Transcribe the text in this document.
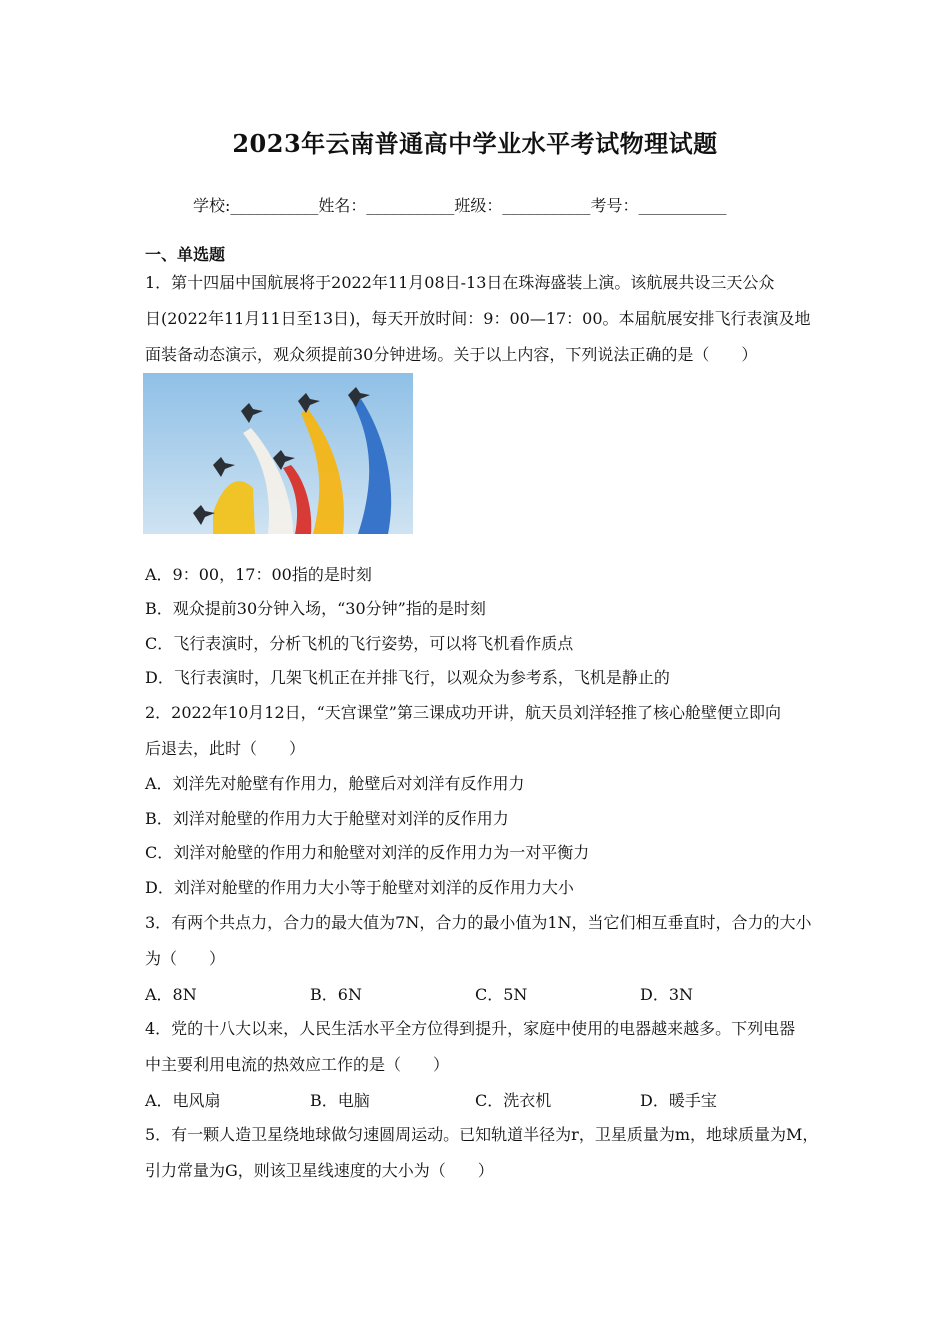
2023年云南普通高中学业水平考试物理试题
学校:___________姓名：___________班级：___________考号：___________
一、单选题
1．第十四届中国航展将于2022年11月08日-13日在珠海盛装上演。该航展共设三天公众
日(2022年11月11日至13日)，每天开放时间：9：00—17：00。本届航展安排飞行表演及地
面装备动态演示，观众须提前30分钟进场。关于以上内容，下列说法正确的是（　　）
A．9：00，17：00指的是时刻
B．观众提前30分钟入场，“30分钟”指的是时刻
C．飞行表演时，分析飞机的飞行姿势，可以将飞机看作质点
D．飞行表演时，几架飞机正在并排飞行，以观众为参考系，飞机是静止的
2．2022年10月12日，“天宫课堂”第三课成功开讲，航天员刘洋轻推了核心舱壁便立即向
后退去，此时（　　）
A．刘洋先对舱壁有作用力，舱壁后对刘洋有反作用力
B．刘洋对舱壁的作用力大于舱壁对刘洋的反作用力
C．刘洋对舱壁的作用力和舱壁对刘洋的反作用力为一对平衡力
D．刘洋对舱壁的作用力大小等于舱壁对刘洋的反作用力大小
3．有两个共点力，合力的最大值为7N，合力的最小值为1N，当它们相互垂直时，合力的大小
为（　　）
A．8N	B．6N	C．5N	D．3N
4．党的十八大以来，人民生活水平全方位得到提升，家庭中使用的电器越来越多。下列电器
中主要利用电流的热效应工作的是（　　）
A．电风扇	B．电脑	C．洗衣机	D．暖手宝
5．有一颗人造卫星绕地球做匀速圆周运动。已知轨道半径为r，卫星质量为m，地球质量为M，
引力常量为G，则该卫星线速度的大小为（　　）
